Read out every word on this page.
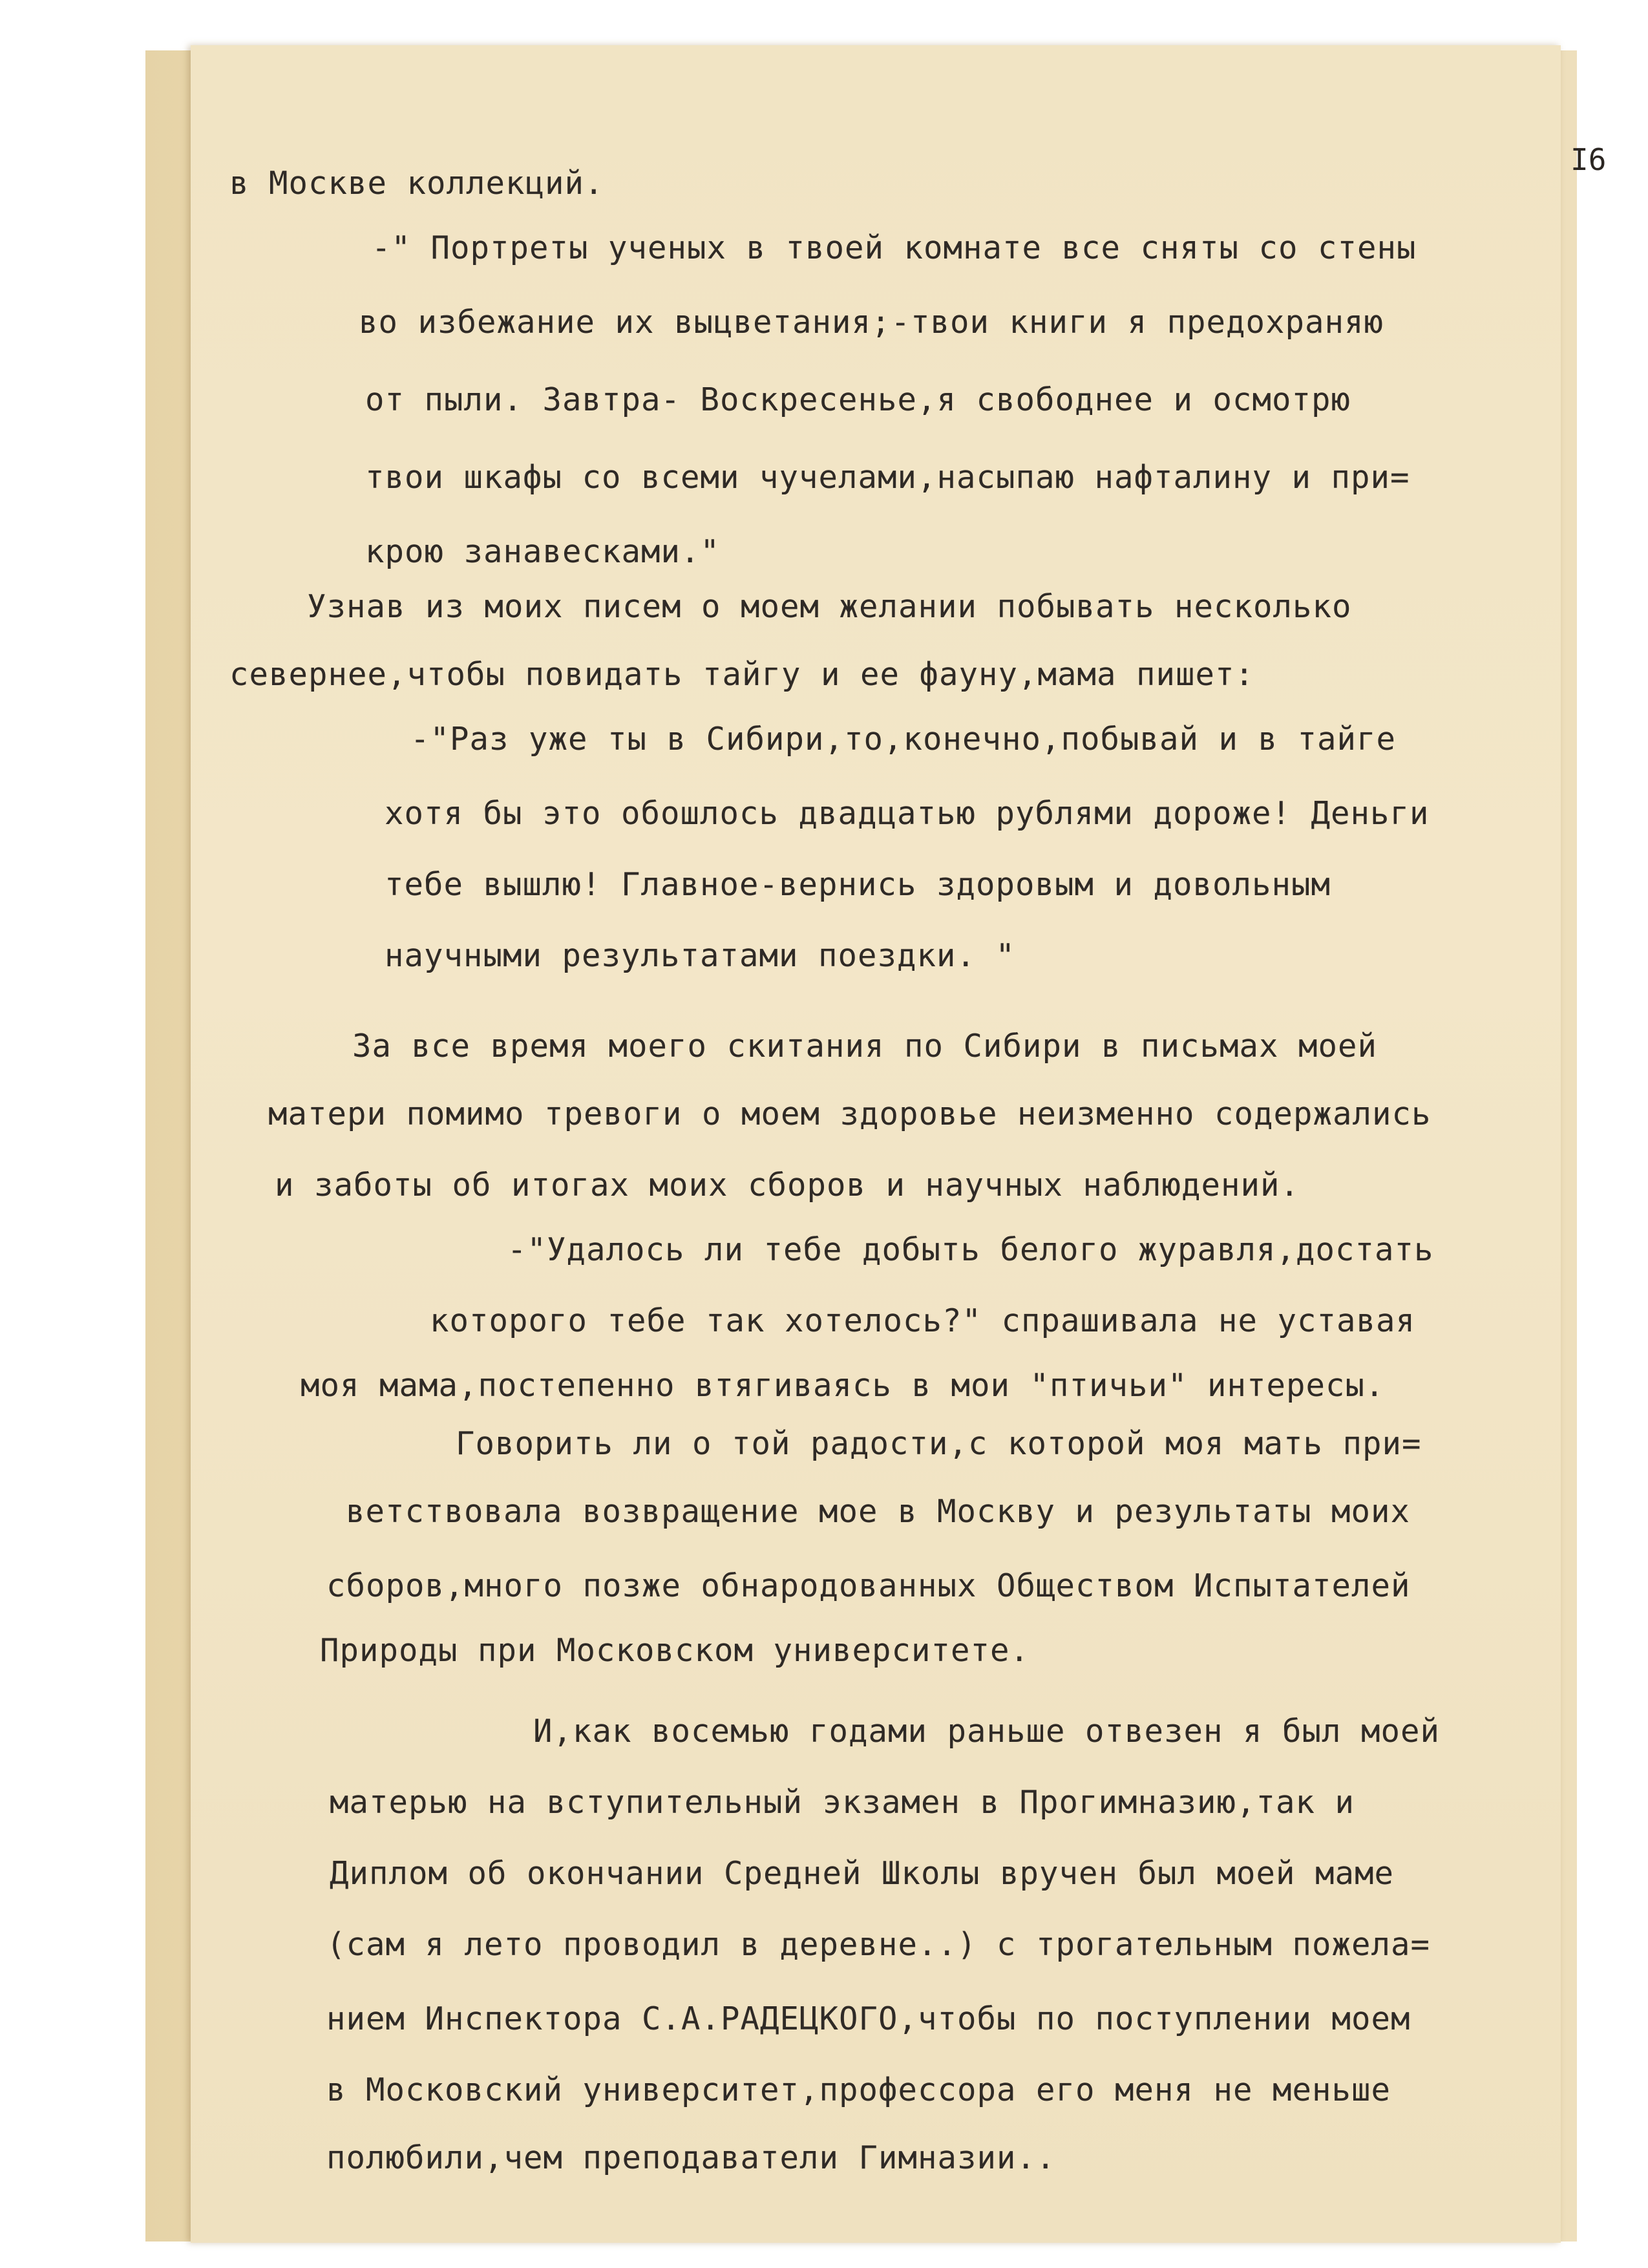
I6
в Москве коллекций.
-" Портреты ученых в твоей комнате все сняты со стены
во избежание их выцветания;-твои книги я предохраняю
от пыли. Завтра- Воскресенье,я свободнее и осмотрю
твои шкафы со всеми чучелами,насыпаю нафталину и при=
крою занавесками."
Узнав из моих писем о моем желании побывать несколько
севернее,чтобы повидать тайгу и ее фауну,мама пишет:
-"Раз уже ты в Сибири,то,конечно,побывай и в тайге
хотя бы это обошлось двадцатью рублями дороже! Деньги
тебе вышлю! Главное-вернись здоровым и довольным
научными результатами поездки. "
За все время моего скитания по Сибири в письмах моей
матери помимо тревоги о моем здоровье неизменно содержались
и заботы об итогах моих сборов и научных наблюдений.
-"Удалось ли тебе добыть белого журавля,достать
которого тебе так хотелось?" спрашивала не уставая
моя мама,постепенно втягиваясь в мои "птичьи" интересы.
Говорить ли о той радости,с которой моя мать при=
ветствовала возвращение мое в Москву и результаты моих
сборов,много позже обнародованных Обществом Испытателей
Природы при Московском университете.
И,как восемью годами раньше отвезен я был моей
матерью на вступительный экзамен в Прогимназию,так и
Диплом об окончании Средней Школы вручен был моей маме
(сам я лето проводил в деревне..) с трогательным пожела=
нием Инспектора С.А.РАДЕЦКОГО,чтобы по поступлении моем
в Московский университет,профессора его меня не меньше
полюбили,чем преподаватели Гимназии..
